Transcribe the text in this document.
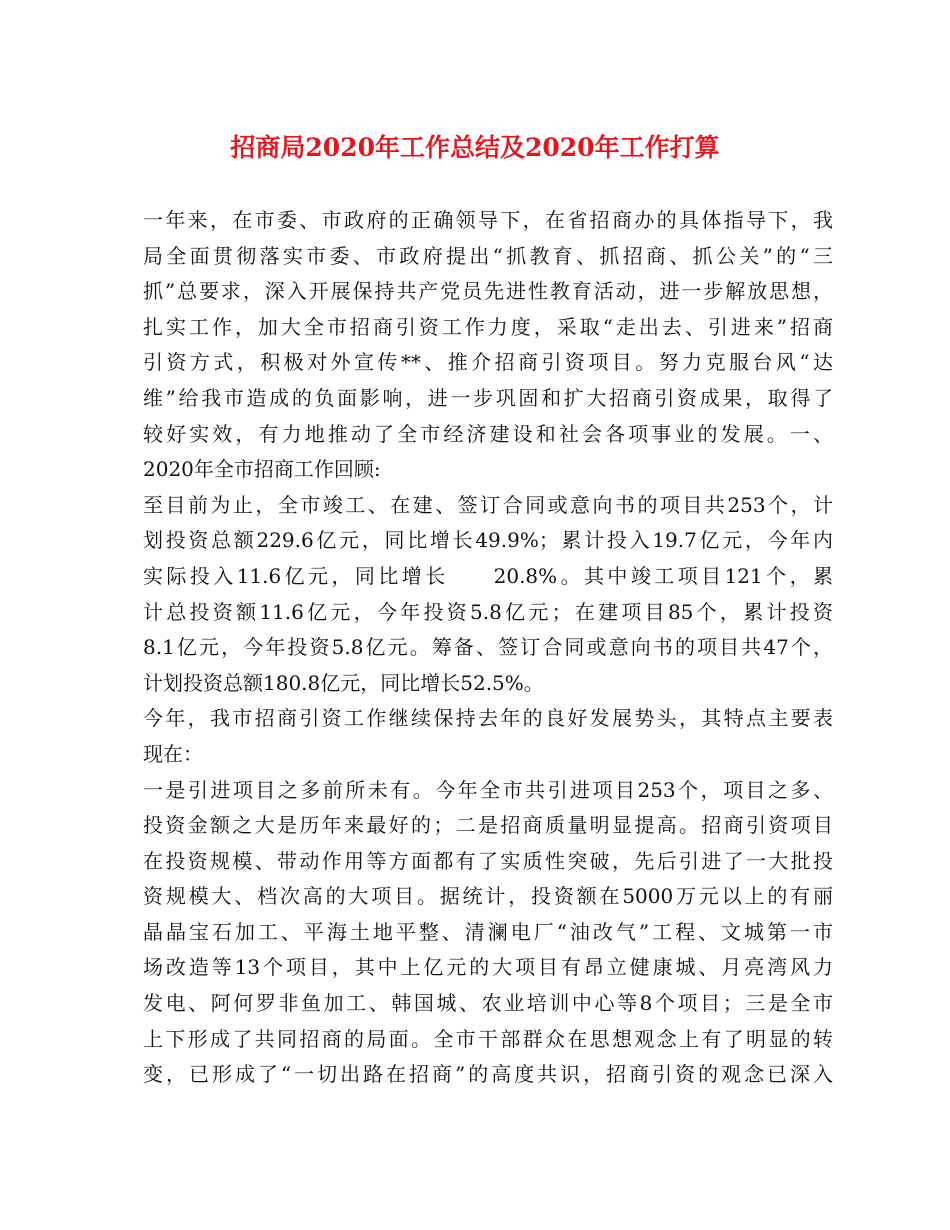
招商局2020年工作总结及2020年工作打算
一年来，在市委、市政府的正确领导下，在省招商办的具体指导下，我
局全面贯彻落实市委、市政府提出“抓教育、抓招商、抓公关”的“三
抓”总要求，深入开展保持共产党员先进性教育活动，进一步解放思想，
扎实工作，加大全市招商引资工作力度，采取“走出去、引进来”招商
引资方式，积极对外宣传**、推介招商引资项目。努力克服台风“达
维”给我市造成的负面影响，进一步巩固和扩大招商引资成果，取得了
较好实效，有力地推动了全市经济建设和社会各项事业的发展。一、
2020年全市招商工作回顾:
至目前为止，全市竣工、在建、签订合同或意向书的项目共253个，计
划投资总额229.6亿元，同比增长49.9%；累计投入19.7亿元，今年内
实际投入11.6亿元，同比增长 20.8%。其中竣工项目121个，累
计总投资额11.6亿元，今年投资5.8亿元；在建项目85个，累计投资
8.1亿元，今年投资5.8亿元。筹备、签订合同或意向书的项目共47个，
计划投资总额180.8亿元，同比增长52.5%。
今年，我市招商引资工作继续保持去年的良好发展势头，其特点主要表
现在：
一是引进项目之多前所未有。今年全市共引进项目253个，项目之多、
投资金额之大是历年来最好的；二是招商质量明显提高。招商引资项目
在投资规模、带动作用等方面都有了实质性突破，先后引进了一大批投
资规模大、档次高的大项目。据统计，投资额在5000万元以上的有丽
晶晶宝石加工、平海土地平整、清澜电厂“油改气”工程、文城第一市
场改造等13个项目，其中上亿元的大项目有昂立健康城、月亮湾风力
发电、阿何罗非鱼加工、韩国城、农业培训中心等8个项目；三是全市
上下形成了共同招商的局面。全市干部群众在思想观念上有了明显的转
变，已形成了“一切出路在招商”的高度共识，招商引资的观念已深入
